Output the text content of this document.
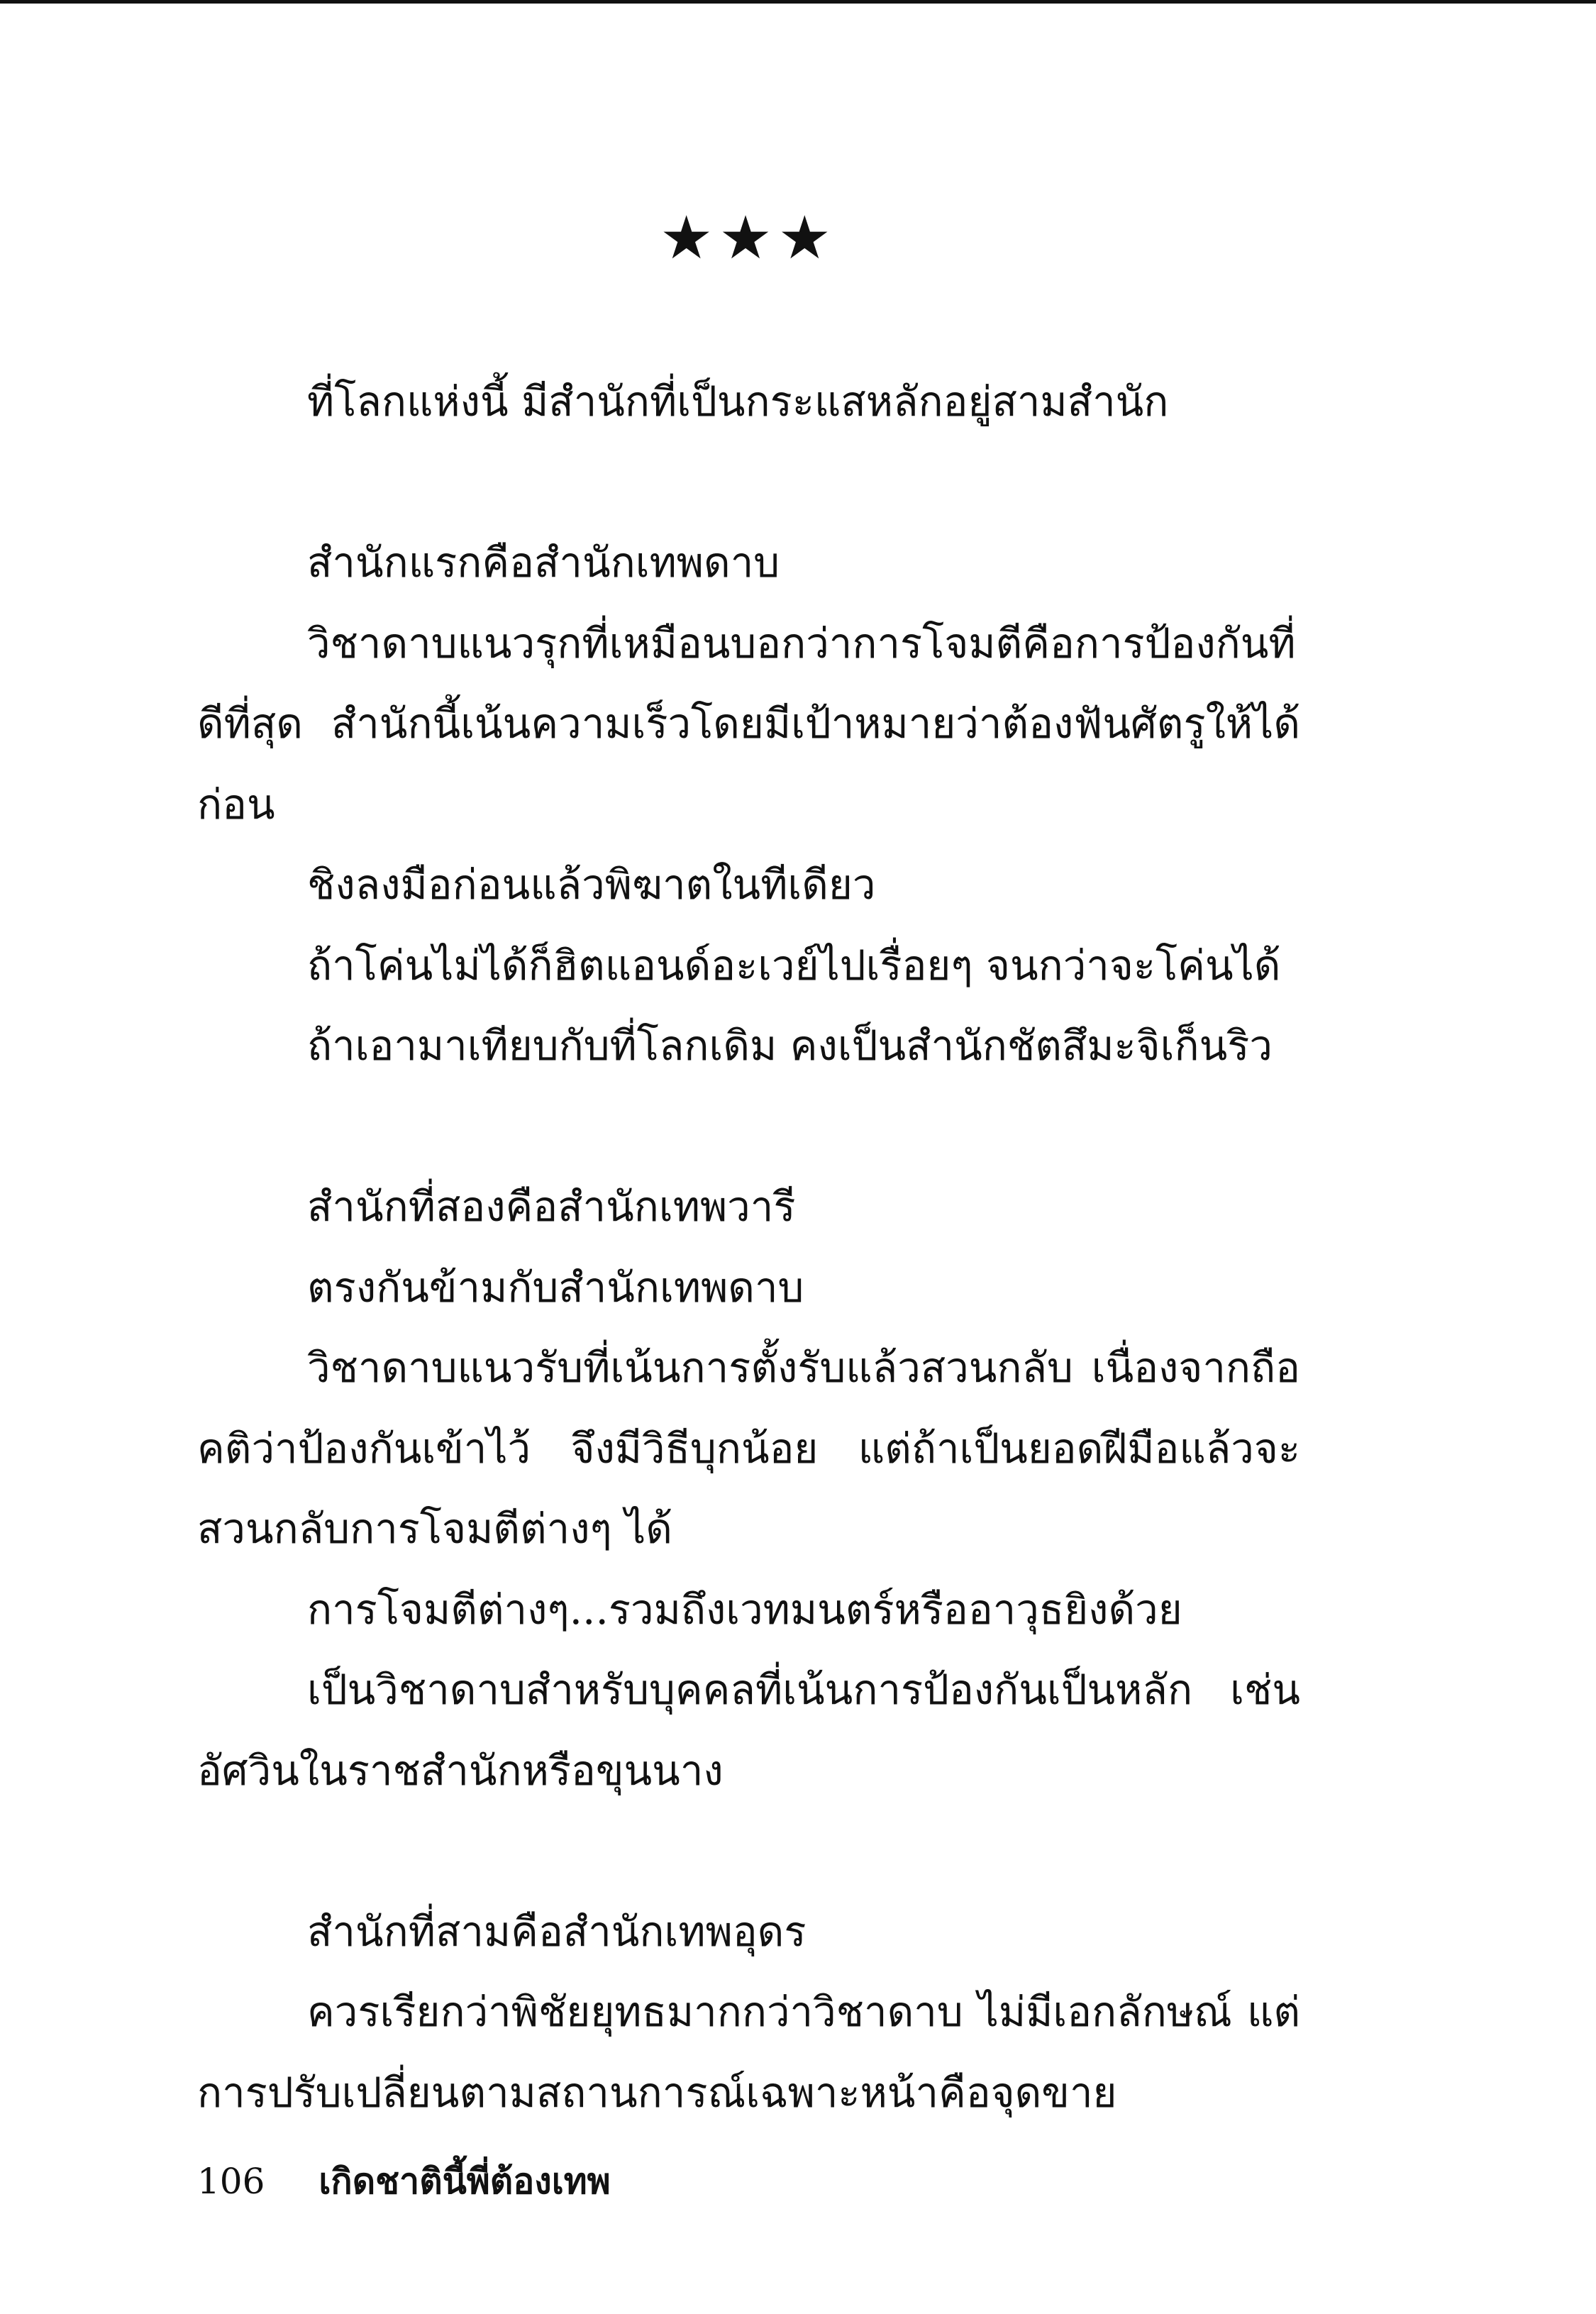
★★★

ที่โลกแห่งนี้ มีสำนักที่เป็นกระแสหลักอยู่สามสำนัก

สำนักแรกคือสำนักเทพดาบ

วิชาดาบแนวรุกที่เหมือนบอกว่าการโจมตีคือการป้องกันที่ดีที่สุด สำนักนี้เน้นความเร็วโดยมีเป้าหมายว่าต้องฟันศัตรูให้ได้ก่อน

ชิงลงมือก่อนแล้วพิฆาตในทีเดียว

ถ้าโค่นไม่ได้ก็ฮิตแอนด์อะเวย์ไปเรื่อยๆ จนกว่าจะโค่นได้

ถ้าเอามาเทียบกับที่โลกเดิม คงเป็นสำนักชัตสึมะจิเก็นริว

สำนักที่สองคือสำนักเทพวารี

ตรงกันข้ามกับสำนักเทพดาบ

วิชาดาบแนวรับที่เน้นการตั้งรับแล้วสวนกลับ เนื่องจากถือคติว่าป้องกันเข้าไว้ จึงมีวิธีบุกน้อย แต่ถ้าเป็นยอดฝีมือแล้วจะสวนกลับการโจมตีต่างๆ ได้

การโจมตีต่างๆ...รวมถึงเวทมนตร์หรืออาวุธยิงด้วย

เป็นวิชาดาบสำหรับบุคคลที่เน้นการป้องกันเป็นหลัก เช่น อัศวินในราชสำนักหรือขุนนาง

สำนักที่สามคือสำนักเทพอุดร

ควรเรียกว่าพิชัยยุทธมากกว่าวิชาดาบ ไม่มีเอกลักษณ์ แต่การปรับเปลี่ยนตามสถานการณ์เฉพาะหน้าคือจุดขาย

106 เกิดชาตินี้พี่ต้องเทพ
